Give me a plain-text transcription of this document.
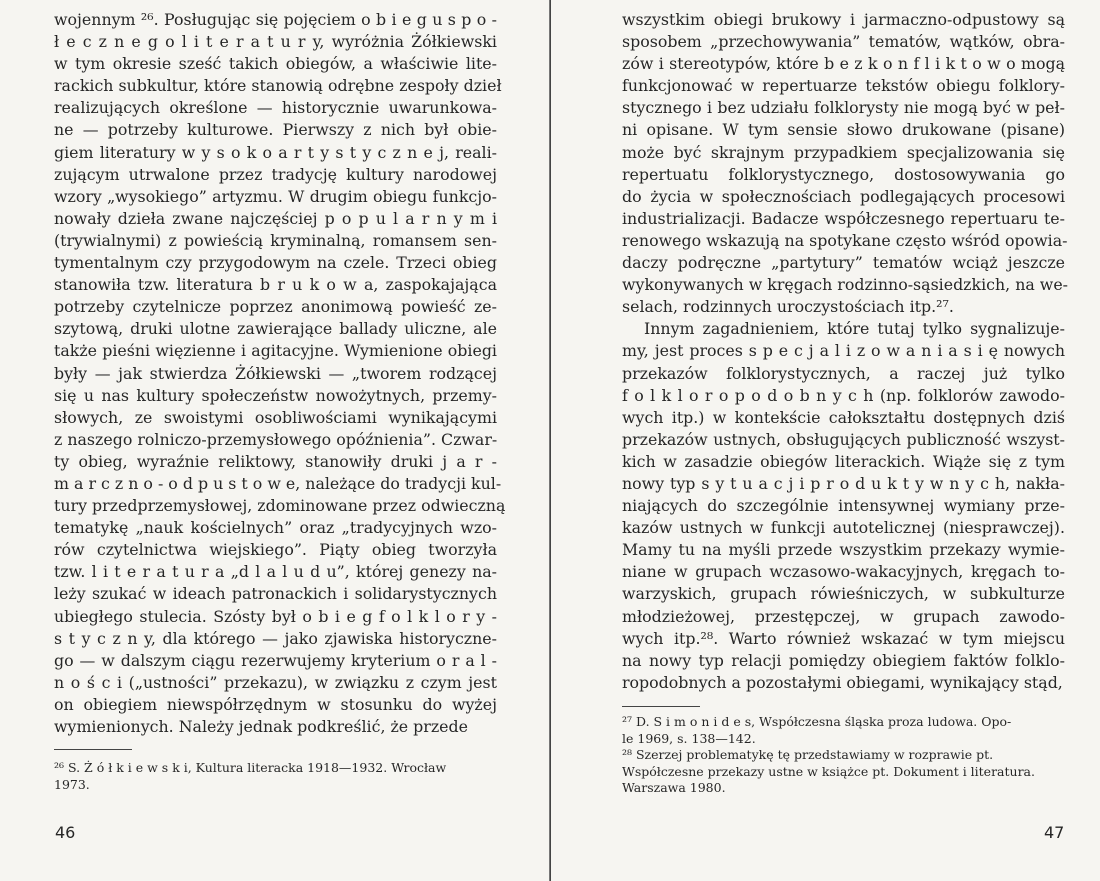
wojennym ²⁶. Posługując się pojęciem o b i e g u s p o -
ł e c z n e g o l i t e r a t u r y, wyróżnia Żółkiewski
w tym okresie sześć takich obiegów, a właściwie lite-
rackich subkultur, które stanowią odrębne zespoły dzieł
realizujących określone — historycznie uwarunkowa-
ne — potrzeby kulturowe. Pierwszy z nich był obie-
giem literatury w y s o k o a r t y s t y c z n e j, reali-
zującym utrwalone przez tradycję kultury narodowej
wzory „wysokiego” artyzmu. W drugim obiegu funkcjo-
nowały dzieła zwane najczęściej p o p u l a r n y m i
(trywialnymi) z powieścią kryminalną, romansem sen-
tymentalnym czy przygodowym na czele. Trzeci obieg
stanowiła tzw. literatura b r u k o w a, zaspokajająca
potrzeby czytelnicze poprzez anonimową powieść ze-
szytową, druki ulotne zawierające ballady uliczne, ale
także pieśni więzienne i agitacyjne. Wymienione obiegi
były — jak stwierdza Żółkiewski — „tworem rodzącej
się u nas kultury społeczeństw nowożytnych, przemy-
słowych, ze swoistymi osobliwościami wynikającymi
z naszego rolniczo-przemysłowego opóźnienia”. Czwar-
ty obieg, wyraźnie reliktowy, stanowiły druki j a r -
m a r c z n o - o d p u s t o w e, należące do tradycji kul-
tury przedprzemysłowej, zdominowane przez odwieczną
tematykę „nauk kościelnych” oraz „tradycyjnych wzo-
rów czytelnictwa wiejskiego”. Piąty obieg tworzyła
tzw. l i t e r a t u r a „d l a l u d u”, której genezy na-
leży szukać w ideach patronackich i solidarystycznych
ubiegłego stulecia. Szósty był o b i e g f o l k l o r y -
s t y c z n y, dla którego — jako zjawiska historyczne-
go — w dalszym ciągu rezerwujemy kryterium o r a l -
n o ś c i („ustności” przekazu), w związku z czym jest
on obiegiem niewspółrzędnym w stosunku do wyżej
wymienionych. Należy jednak podkreślić, że przede

²⁶ S. Ż ó ł k i e w s k i, Kultura literacka 1918—1932. Wrocław

1973.

46
wszystkim obiegi brukowy i jarmaczno-odpustowy są
sposobem „przechowywania” tematów, wątków, obra-
zów i stereotypów, które b e z k o n f l i k t o w o mogą
funkcjonować w repertuarze tekstów obiegu folklory-
stycznego i bez udziału folklorysty nie mogą być w peł-
ni opisane. W tym sensie słowo drukowane (pisane)
może być skrajnym przypadkiem specjalizowania się
repertuatu folklorystycznego, dostosowywania go
do życia w społecznościach podlegających procesowi
industrializacji. Badacze współczesnego repertuaru te-
renowego wskazują na spotykane często wśród opowia-
daczy podręczne „partytury” tematów wciąż jeszcze
wykonywanych w kręgach rodzinno-sąsiedzkich, na we-
selach, rodzinnych uroczystościach itp.²⁷.
Innym zagadnieniem, które tutaj tylko sygnalizuje-
my, jest proces s p e c j a l i z o w a n i a s i ę nowych
przekazów folklorystycznych, a raczej już tylko
f o l k l o r o p o d o b n y c h (np. folklorów zawodo-
wych itp.) w kontekście całokształtu dostępnych dziś
przekazów ustnych, obsługujących publiczność wszyst-
kich w zasadzie obiegów literackich. Wiąże się z tym
nowy typ s y t u a c j i p r o d u k t y w n y c h, nakła-
niających do szczególnie intensywnej wymiany prze-
kazów ustnych w funkcji autotelicznej (niesprawczej).
Mamy tu na myśli przede wszystkim przekazy wymie-
niane w grupach wczasowo-wakacyjnych, kręgach to-
warzyskich, grupach rówieśniczych, w subkulturze
młodzieżowej, przestępczej, w grupach zawodo-
wych itp.²⁸. Warto również wskazać w tym miejscu
na nowy typ relacji pomiędzy obiegiem faktów folklo-
ropodobnych a pozostałymi obiegami, wynikający stąd,

²⁷ D. S i m o n i d e s, Współczesna śląska proza ludowa. Opo-

le 1969, s. 138—142.

²⁸ Szerzej problematykę tę przedstawiamy w rozprawie pt.

Współczesne przekazy ustne w książce pt. Dokument i literatura.

Warszawa 1980.

47
